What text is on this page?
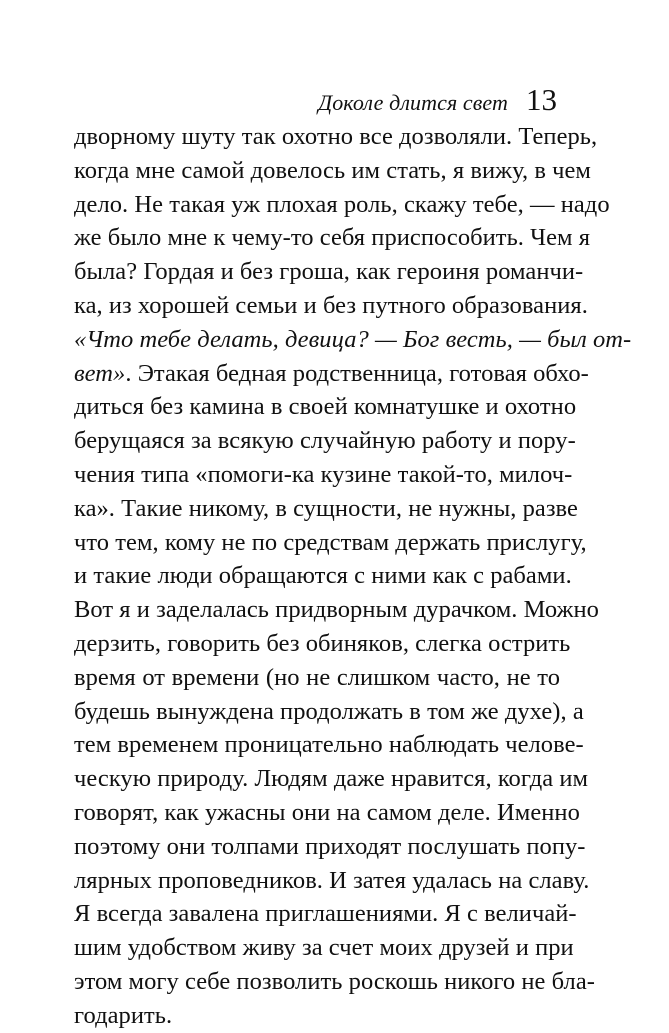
Доколе длится свет 13
дворному шуту так охотно все дозволяли. Теперь,
когда мне самой довелось им стать, я вижу, в чем
дело. Не такая уж плохая роль, скажу тебе, — надо
же было мне к чему-то себя приспособить. Чем я
была? Гордая и без гроша, как героиня романчи-
ка, из хорошей семьи и без путного образования.
«Что тебе делать, девица? — Бог весть, — был от-
вет». Этакая бедная родственница, готовая обхо-
диться без камина в своей комнатушке и охотно
берущаяся за всякую случайную работу и пору-
чения типа «помоги-ка кузине такой-то, милоч-
ка». Такие никому, в сущности, не нужны, разве
что тем, кому не по средствам держать прислугу,
и такие люди обращаются с ними как с рабами.
Вот я и заделалась придворным дурачком. Можно
дерзить, говорить без обиняков, слегка острить
время от времени (но не слишком часто, не то
будешь вынуждена продолжать в том же духе), а
тем временем проницательно наблюдать челове-
ческую природу. Людям даже нравится, когда им
говорят, как ужасны они на самом деле. Именно
поэтому они толпами приходят послушать попу-
лярных проповедников. И затея удалась на славу.
Я всегда завалена приглашениями. Я с величай-
шим удобством живу за счет моих друзей и при
этом могу себе позволить роскошь никого не бла-
годарить.
